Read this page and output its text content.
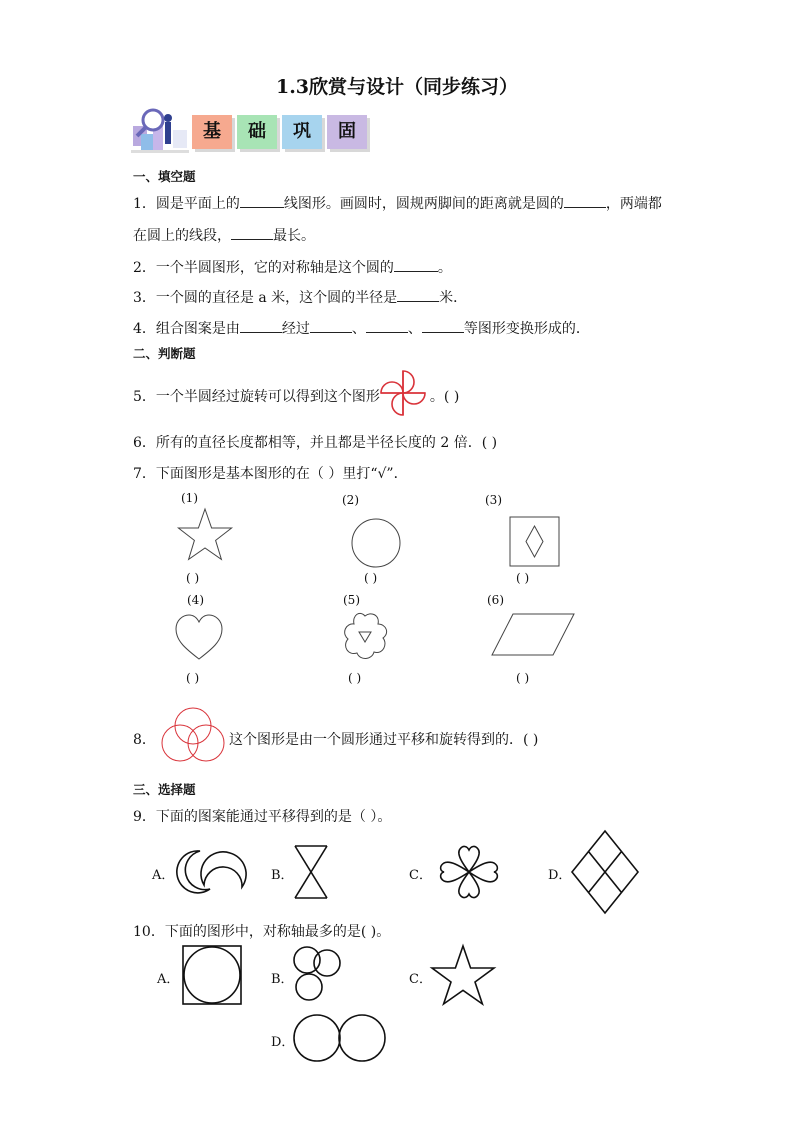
1.3欣赏与设计（同步练习）
基	础	巩	固
一、填空题
1．圆是平面上的	线图形。画圆时，圆规两脚间的距离就是圆的	，两端都
在圆上的线段，	最长。
2．一个半圆图形，它的对称轴是这个圆的	。
3．一个圆的直径是 a 米，这个圆的半径是	米．
4．组合图案是由	经过	、	、	等图形变换形成的．
二、判断题
5．一个半圆经过旋转可以得到这个图形	。( )
6．所有的直径长度都相等，并且都是半径长度的 2 倍．( )
7．下面图形是基本图形的在（ ）里打“√”．
(1)	(2)	(3)
( )	( )	( )
(4)	(5)	(6)
( )	( )	( )
8．	这个图形是由一个圆形通过平移和旋转得到的．( )
三、选择题
9．下面的图案能通过平移得到的是（ ）。
A．	B．	C．	D．
10．下面的图形中，对称轴最多的是( )。
A．	B．	C．
D．
